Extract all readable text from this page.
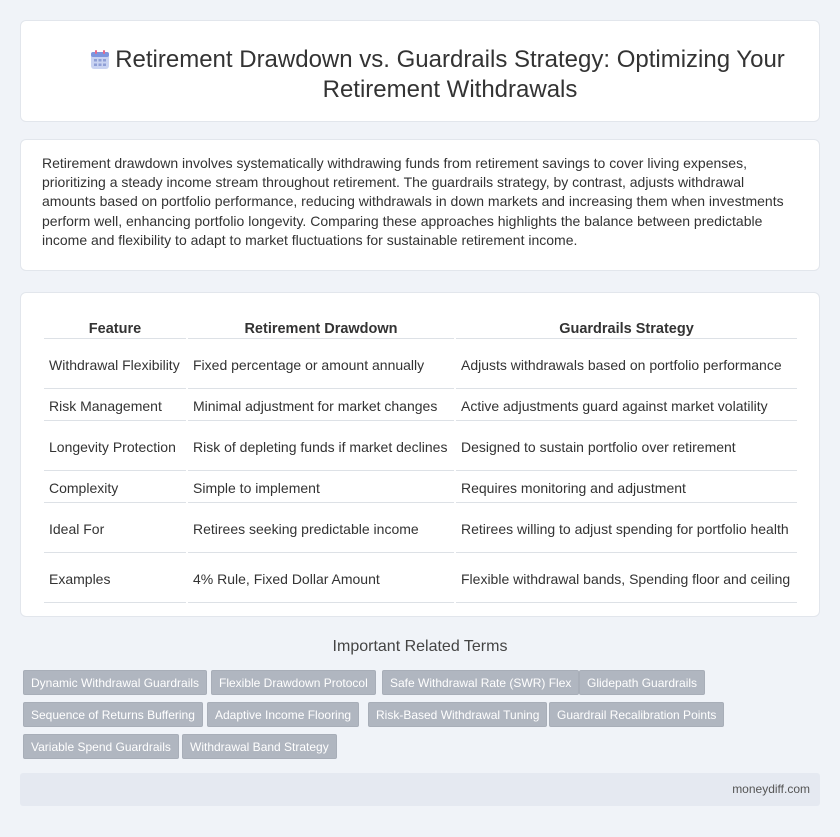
Retirement Drawdown vs. Guardrails Strategy: Optimizing Your Retirement Withdrawals

Retirement drawdown involves systematically withdrawing funds from retirement savings to cover living expenses, prioritizing a steady income stream throughout retirement. The guardrails strategy, by contrast, adjusts withdrawal amounts based on portfolio performance, reducing withdrawals in down markets and increasing them when investments perform well, enhancing portfolio longevity. Comparing these approaches highlights the balance between predictable income and flexibility to adapt to market fluctuations for sustainable retirement income.

Feature	Retirement Drawdown	Guardrails Strategy
Withdrawal Flexibility	Fixed percentage or amount annually	Adjusts withdrawals based on portfolio performance
Risk Management	Minimal adjustment for market changes	Active adjustments guard against market volatility
Longevity Protection	Risk of depleting funds if market declines	Designed to sustain portfolio over retirement
Complexity	Simple to implement	Requires monitoring and adjustment
Ideal For	Retirees seeking predictable income	Retirees willing to adjust spending for portfolio health
Examples	4% Rule, Fixed Dollar Amount	Flexible withdrawal bands, Spending floor and ceiling
Important Related Terms
Dynamic Withdrawal Guardrails	Flexible Drawdown Protocol	Safe Withdrawal Rate (SWR) Flex	Glidepath Guardrails
Sequence of Returns Buffering	Adaptive Income Flooring	Risk-Based Withdrawal Tuning	Guardrail Recalibration Points
Variable Spend Guardrails	Withdrawal Band Strategy
moneydiff.com
